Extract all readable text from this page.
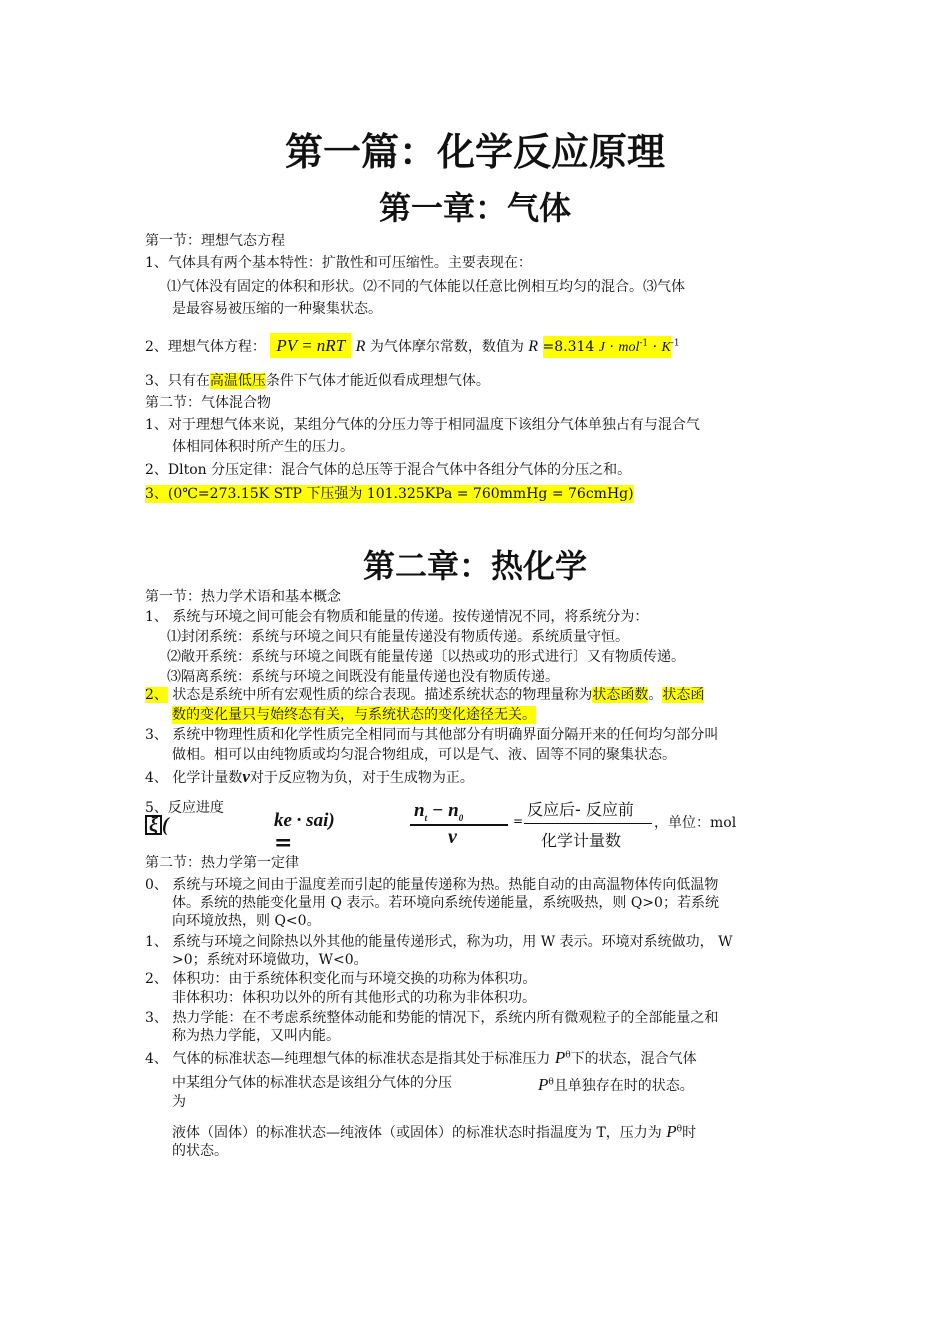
第一篇：化学反应原理
第一章：气体
第一节：理想气态方程
1、气体具有两个基本特性：扩散性和可压缩性。主要表现在：
⑴气体没有固定的体积和形状。⑵不同的气体能以任意比例相互均匀的混合。⑶气体
是最容易被压缩的一种聚集状态。
2、理想气体方程： PV = nRT R 为气体摩尔常数，数值为 R =8.314 $J \cdot mol^{-1} \cdot K^{-1}$
3、只有在高温低压条件下气体才能近似看成理想气体。
第二节：气体混合物
1、对于理想气体来说，某组分气体的分压力等于相同温度下该组分气体单独占有与混合气
体相同体积时所产生的压力。
2、Dlton 分压定律：混合气体的总压等于混合气体中各组分气体的分压之和。
3、(0℃=273.15K STP 下压强为 101.325KPa = 760mmHg = 76cmHg)
第二章：热化学
第一节：热力学术语和基本概念
1、 系统与环境之间可能会有物质和能量的传递。按传递情况不同，将系统分为：
⑴封闭系统：系统与环境之间只有能量传递没有物质传递。系统质量守恒。
⑵敞开系统：系统与环境之间既有能量传递〔以热或功的形式进行〕又有物质传递。
⑶隔离系统：系统与环境之间既没有能量传递也没有物质传递。
2、 状态是系统中所有宏观性质的综合表现。描述系统状态的物理量称为状态函数。状态函
数的变化量只与始终态有关，与系统状态的变化途径无关。
3、 系统中物理性质和化学性质完全相同而与其他部分有明确界面分隔开来的任何均匀部分叫
做相。相可以由纯物质或均匀混合物组成，可以是气、液、固等不同的聚集状态。
4、 化学计量数ν对于反应物为负，对于生成物为正。
5、反应进度
ξ (	ke · sai)
=
$n_t - n_0$
ν
=
反应后- 反应前
化学计量数
，单位：mol
第二节：热力学第一定律
0、 系统与环境之间由于温度差而引起的能量传递称为热。热能自动的由高温物体传向低温物
体。系统的热能变化量用 Q 表示。若环境向系统传递能量，系统吸热，则 Q>0；若系统
向环境放热，则 Q<0。
1、 系统与环境之间除热以外其他的能量传递形式，称为功，用 W 表示。环境对系统做功， W
>0；系统对环境做功，W<0。
2、 体积功：由于系统体积变化而与环境交换的功称为体积功。
非体积功：体积功以外的所有其他形式的功称为非体积功。
3、 热力学能：在不考虑系统整体动能和势能的情况下，系统内所有微观粒子的全部能量之和
称为热力学能，又叫内能。
4、 气体的标准状态—纯理想气体的标准状态是指其处于标准压力 $P^\theta$下的状态，混合气体
中某组分气体的标准状态是该组分气体的分压	$P^\theta$且单独存在时的状态。
为
液体（固体）的标准状态—纯液体（或固体）的标准状态时指温度为 T，压力为 $P^\theta$时
的状态。
